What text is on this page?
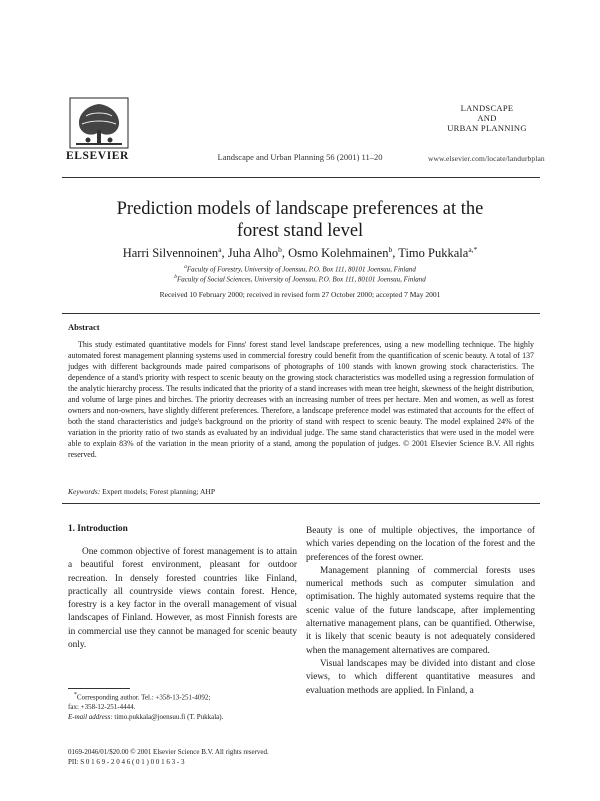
ELSEVIER	Landscape and Urban Planning 56 (2001) 11–20
LANDSCAPE
AND
URBAN PLANNING
www.elsevier.com/locate/landurbplan
Prediction models of landscape preferences at the
forest stand level
Harri Silvennoinen$^a$, Juha Alho$^b$, Osmo Kolehmainen$^b$, Timo Pukkala$^{a,*}$
$^a$Faculty of Forestry, University of Joensuu, P.O. Box 111, 80101 Joensuu, Finland
$^b$Faculty of Social Sciences, University of Joensuu, P.O. Box 111, 80101 Joensuu, Finland
Received 10 February 2000; received in revised form 27 October 2000; accepted 7 May 2001
Abstract
This study estimated quantitative models for Finns' forest stand level landscape preferences, using a new modelling technique. The highly automated forest management planning systems used in commercial forestry could benefit from the quantification of scenic beauty. A total of 137 judges with different backgrounds made paired comparisons of photographs of 100 stands with known growing stock characteristics. The dependence of a stand's priority with respect to scenic beauty on the growing stock characteristics was modelled using a regression formulation of the analytic hierarchy process. The results indicated that the priority of a stand increases with mean tree height, skewness of the height distribution, and volume of large pines and birches. The priority decreases with an increasing number of trees per hectare. Men and women, as well as forest owners and non-owners, have slightly different preferences. Therefore, a landscape preference model was estimated that accounts for the effect of both the stand characteristics and judge's background on the priority of stand with respect to scenic beauty. The model explained 24% of the variation in the priority ratio of two stands as evaluated by an individual judge. The same stand characteristics that were used in the model were able to explain 83% of the variation in the mean priority of a stand, among the population of judges. © 2001 Elsevier Science B.V. All rights reserved.
Keywords: Expert models; Forest planning; AHP
1. Introduction

One common objective of forest management is to attain a beautiful forest environment, pleasant for outdoor recreation. In densely forested countries like Finland, practically all countryside views contain forest. Hence, forestry is a key factor in the overall management of visual landscapes of Finland. However, as most Finnish forests are in commercial use they cannot be managed for scenic beauty only.

Beauty is one of multiple objectives, the importance of which varies depending on the location of the forest and the preferences of the forest owner.

Management planning of commercial forests uses numerical methods such as computer simulation and optimisation. The highly automated systems require that the scenic value of the future landscape, after implementing alternative management plans, can be quantified. Otherwise, it is likely that scenic beauty is not adequately considered when the management alternatives are compared.

Visual landscapes may be divided into distant and close views, to which different quantitative measures and evaluation methods are applied. In Finland, a

*Corresponding author. Tel.: +358-13-251-4092;
fax: +358-12-251-4444.
E-mail address: timo.pukkala@joensuu.fi (T. Pukkala).
0169-2046/01/$20.00 © 2001 Elsevier Science B.V. All rights reserved.
PII: S 0 1 6 9 - 2 0 4 6 ( 0 1 ) 0 0 1 6 3 - 3
